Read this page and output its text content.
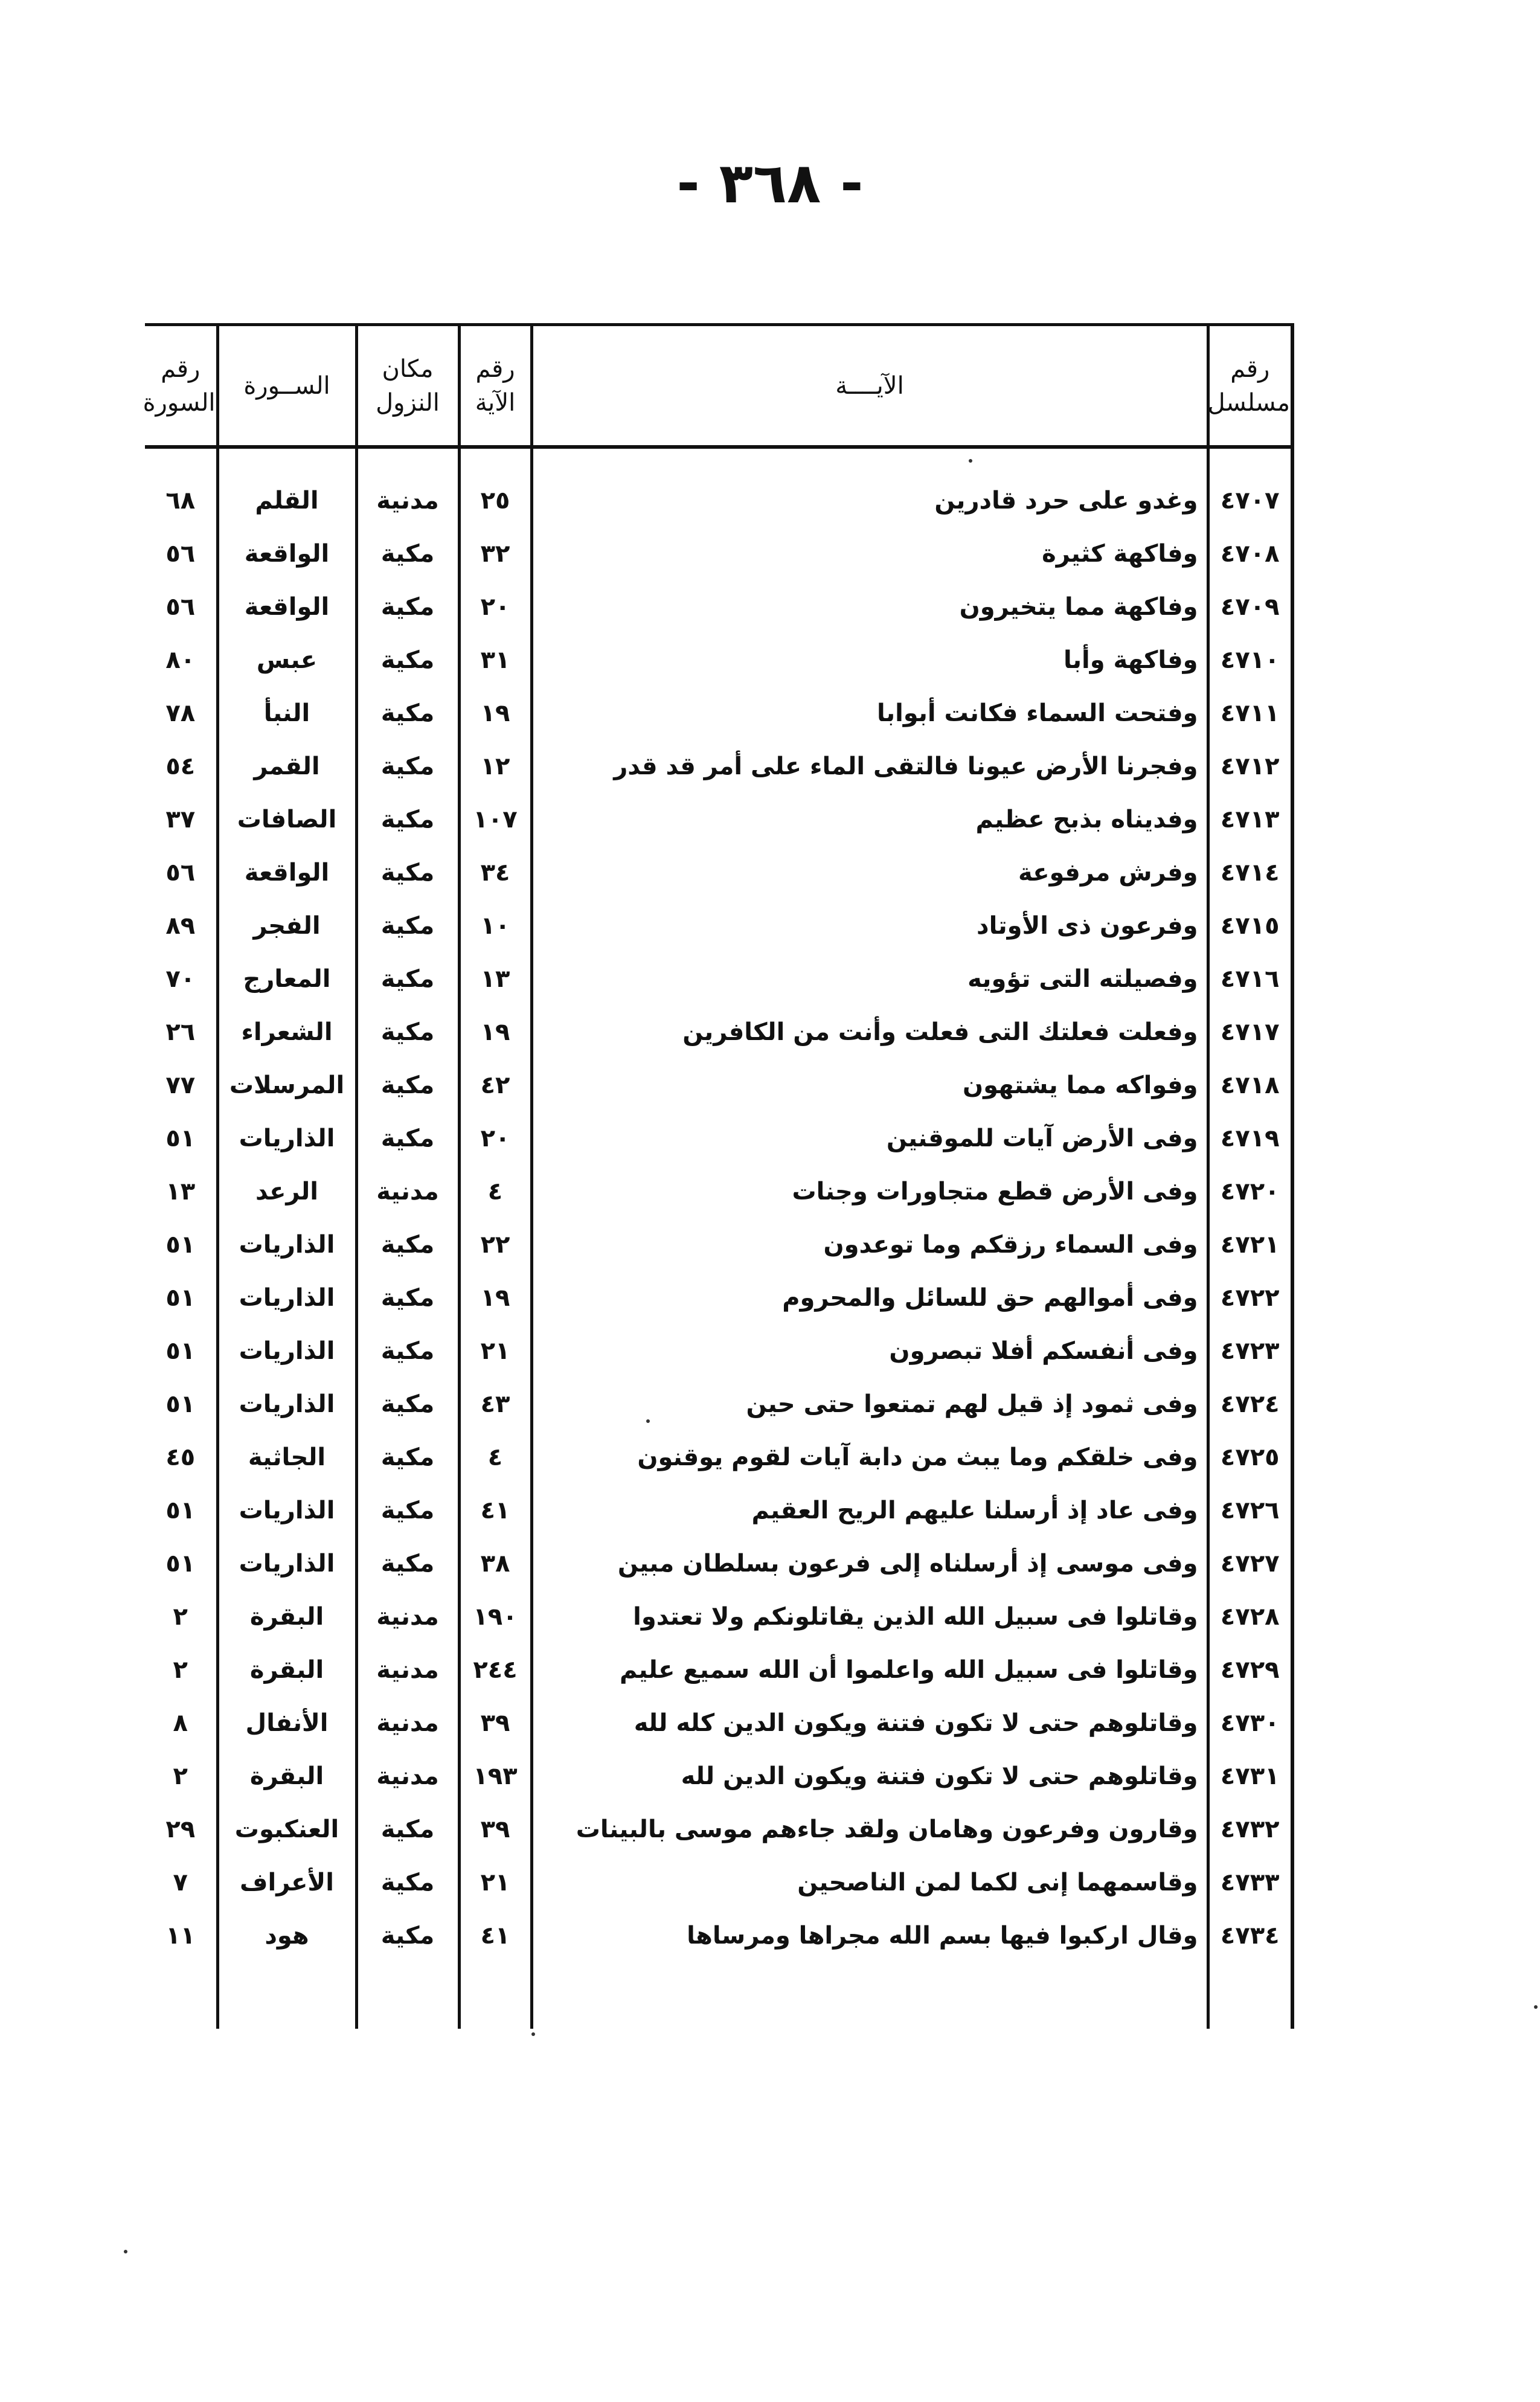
- ٣٦٨ -
رقم مسلسل	الآيــــة	رقم الآية	مكان النزول	الســورة	رقم السورة
٤٧٠٧	وغدو على حرد قادرين	٢٥	مدنية	القلم	٦٨
٤٧٠٨	وفاكهة كثيرة	٣٢	مكية	الواقعة	٥٦
٤٧٠٩	وفاكهة مما يتخيرون	٢٠	مكية	الواقعة	٥٦
٤٧١٠	وفاكهة وأبا	٣١	مكية	عبس	٨٠
٤٧١١	وفتحت السماء فكانت أبوابا	١٩	مكية	النبأ	٧٨
٤٧١٢	وفجرنا الأرض عيونا فالتقى الماء على أمر قد قدر	١٢	مكية	القمر	٥٤
٤٧١٣	وفديناه بذبح عظيم	١٠٧	مكية	الصافات	٣٧
٤٧١٤	وفرش مرفوعة	٣٤	مكية	الواقعة	٥٦
٤٧١٥	وفرعون ذى الأوتاد	١٠	مكية	الفجر	٨٩
٤٧١٦	وفصيلته التى تؤويه	١٣	مكية	المعارج	٧٠
٤٧١٧	وفعلت فعلتك التى فعلت وأنت من الكافرين	١٩	مكية	الشعراء	٢٦
٤٧١٨	وفواكه مما يشتهون	٤٢	مكية	المرسلات	٧٧
٤٧١٩	وفى الأرض آيات للموقنين	٢٠	مكية	الذاريات	٥١
٤٧٢٠	وفى الأرض قطع متجاورات وجنات	٤	مدنية	الرعد	١٣
٤٧٢١	وفى السماء رزقكم وما توعدون	٢٢	مكية	الذاريات	٥١
٤٧٢٢	وفى أموالهم حق للسائل والمحروم	١٩	مكية	الذاريات	٥١
٤٧٢٣	وفى أنفسكم أفلا تبصرون	٢١	مكية	الذاريات	٥١
٤٧٢٤	وفى ثمود إذ قيل لهم تمتعوا حتى حين	٤٣	مكية	الذاريات	٥١
٤٧٢٥	وفى خلقكم وما يبث من دابة آيات لقوم يوقنون	٤	مكية	الجاثية	٤٥
٤٧٢٦	وفى عاد إذ أرسلنا عليهم الريح العقيم	٤١	مكية	الذاريات	٥١
٤٧٢٧	وفى موسى إذ أرسلناه إلى فرعون بسلطان مبين	٣٨	مكية	الذاريات	٥١
٤٧٢٨	وقاتلوا فى سبيل الله الذين يقاتلونكم ولا تعتدوا	١٩٠	مدنية	البقرة	٢
٤٧٢٩	وقاتلوا فى سبيل الله واعلموا أن الله سميع عليم	٢٤٤	مدنية	البقرة	٢
٤٧٣٠	وقاتلوهم حتى لا تكون فتنة ويكون الدين كله لله	٣٩	مدنية	الأنفال	٨
٤٧٣١	وقاتلوهم حتى لا تكون فتنة ويكون الدين لله	١٩٣	مدنية	البقرة	٢
٤٧٣٢	وقارون وفرعون وهامان ولقد جاءهم موسى بالبينات	٣٩	مكية	العنكبوت	٢٩
٤٧٣٣	وقاسمهما إنى لكما لمن الناصحين	٢١	مكية	الأعراف	٧
٤٧٣٤	وقال اركبوا فيها بسم الله مجراها ومرساها	٤١	مكية	هود	١١
